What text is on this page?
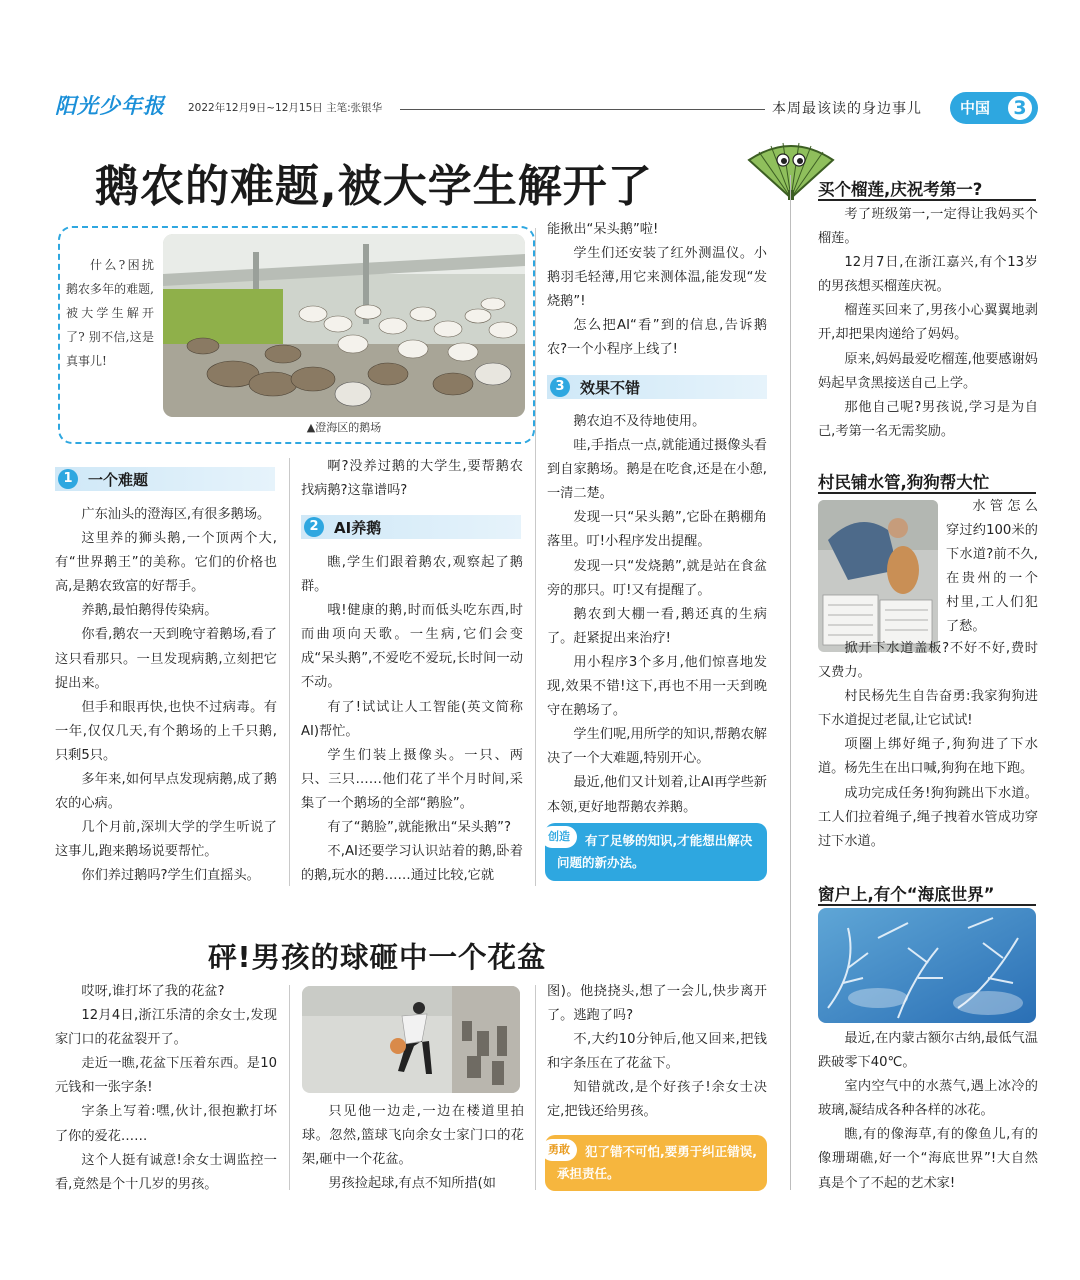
阳光少年报 2022年12月9日~12月15日 主笔:张银华	本周最该读的身边事儿	中国	3
鹅农的难题,被大学生解开了
什么?困扰鹅农多年的难题,被大学生解开了? 别不信,这是真事儿!
▲澄海区的鹅场
1	一个难题

广东汕头的澄海区,有很多鹅场。

这里养的狮头鹅,一个顶两个大,有“世界鹅王”的美称。它们的价格也高,是鹅农致富的好帮手。

养鹅,最怕鹅得传染病。

你看,鹅农一天到晚守着鹅场,看了这只看那只。一旦发现病鹅,立刻把它捉出来。

但手和眼再快,也快不过病毒。有一年,仅仅几天,有个鹅场的上千只鹅,只剩5只。

多年来,如何早点发现病鹅,成了鹅农的心病。

几个月前,深圳大学的学生听说了这事儿,跑来鹅场说要帮忙。

你们养过鹅吗?学生们直摇头。

啊?没养过鹅的大学生,要帮鹅农找病鹅?这靠谱吗?

2	AI养鹅

瞧,学生们跟着鹅农,观察起了鹅群。

哦!健康的鹅,时而低头吃东西,时而曲项向天歌。一生病,它们会变成“呆头鹅”,不爱吃不爱玩,长时间一动不动。

有了!试试让人工智能(英文简称AI)帮忙。

学生们装上摄像头。一只、两只、三只……他们花了半个月时间,采集了一个鹅场的全部“鹅脸”。

有了“鹅脸”,就能揪出“呆头鹅”?

不,AI还要学习认识站着的鹅,卧着的鹅,玩水的鹅……通过比较,它就

能揪出“呆头鹅”啦!

学生们还安装了红外测温仪。小鹅羽毛轻薄,用它来测体温,能发现“发烧鹅”!

怎么把AI“看”到的信息,告诉鹅农?一个小程序上线了!

3	效果不错

鹅农迫不及待地使用。

哇,手指点一点,就能通过摄像头看到自家鹅场。鹅是在吃食,还是在小憩,一清二楚。

发现一只“呆头鹅”,它卧在鹅棚角落里。叮!小程序发出提醒。

发现一只“发烧鹅”,就是站在食盆旁的那只。叮!又有提醒了。

鹅农到大棚一看,鹅还真的生病了。赶紧捉出来治疗!

用小程序3个多月,他们惊喜地发现,效果不错!这下,再也不用一天到晚守在鹅场了。

学生们呢,用所学的知识,帮鹅农解决了一个大难题,特别开心。

最近,他们又计划着,让AI再学些新本领,更好地帮鹅农养鹅。

创造	有了足够的知识,才能想出解决问题的新办法。
砰!男孩的球砸中一个花盆

哎呀,谁打坏了我的花盆?

12月4日,浙江乐清的余女士,发现家门口的花盆裂开了。

走近一瞧,花盆下压着东西。是10元钱和一张字条!

字条上写着:嘿,伙计,很抱歉打坏了你的爱花……

这个人挺有诚意!余女士调监控一看,竟然是个十几岁的男孩。

只见他一边走,一边在楼道里拍球。忽然,篮球飞向余女士家门口的花架,砸中一个花盆。

男孩捡起球,有点不知所措(如

图)。他挠挠头,想了一会儿,快步离开了。逃跑了吗?

不,大约10分钟后,他又回来,把钱和字条压在了花盆下。

知错就改,是个好孩子!余女士决定,把钱还给男孩。

勇敢	犯了错不可怕,要勇于纠正错误,承担责任。
买个榴莲,庆祝考第一?

考了班级第一,一定得让我妈买个榴莲。

12月7日,在浙江嘉兴,有个13岁的男孩想买榴莲庆祝。

榴莲买回来了,男孩小心翼翼地剥开,却把果肉递给了妈妈。

原来,妈妈最爱吃榴莲,他要感谢妈妈起早贪黑接送自己上学。

那他自己呢?男孩说,学习是为自己,考第一名无需奖励。

村民铺水管,狗狗帮大忙

水管怎么穿过约100米的下水道?前不久,在贵州的一个村里,工人们犯了愁。

掀开下水道盖板?不好不好,费时又费力。

村民杨先生自告奋勇:我家狗狗进下水道捉过老鼠,让它试试!

项圈上绑好绳子,狗狗进了下水道。杨先生在出口喊,狗狗在地下跑。

成功完成任务!狗狗跳出下水道。工人们拉着绳子,绳子拽着水管成功穿过下水道。

窗户上,有个“海底世界”

最近,在内蒙古额尔古纳,最低气温跌破零下40℃。

室内空气中的水蒸气,遇上冰冷的玻璃,凝结成各种各样的冰花。

瞧,有的像海草,有的像鱼儿,有的像珊瑚礁,好一个“海底世界”!大自然真是个了不起的艺术家!
